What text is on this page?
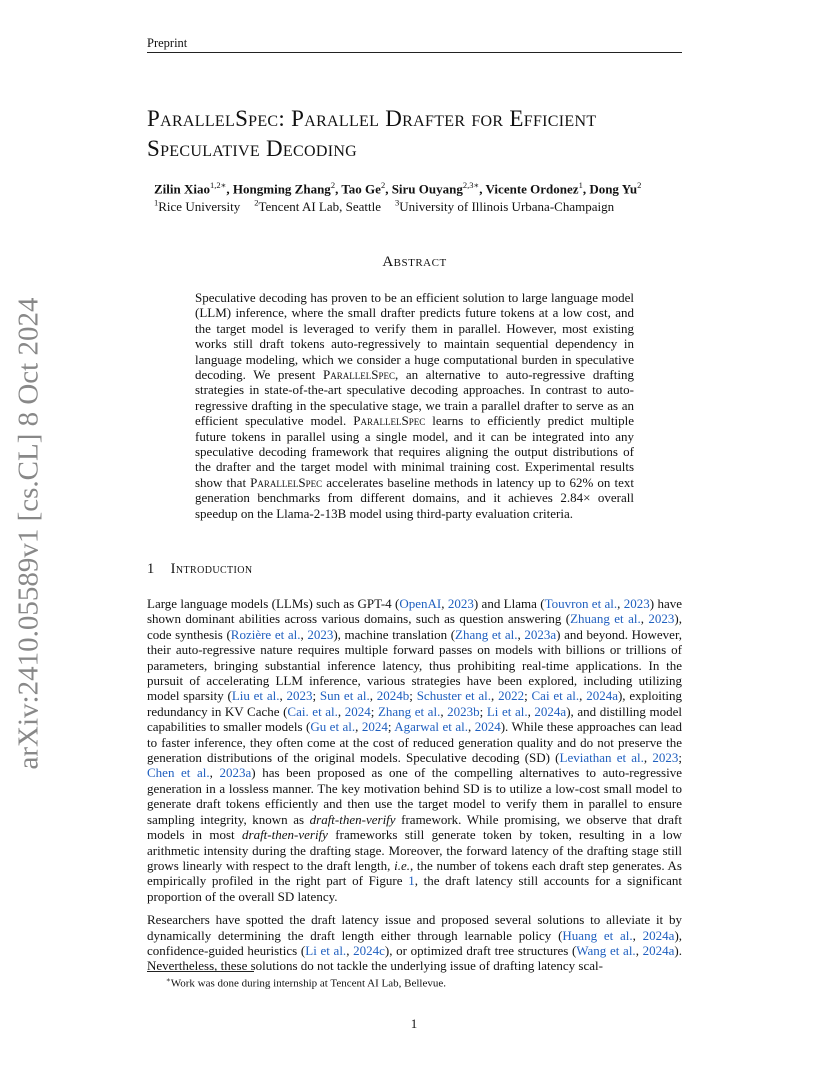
Preprint
arXiv:2410.05589v1 [cs.CL] 8 Oct 2024
ParallelSpec: Parallel Drafter for Efficient
Speculative Decoding
Zilin Xiao$^{1,2∗}$, Hongming Zhang$^2$, Tao Ge$^2$, Siru Ouyang$^{2,3∗}$, Vicente Ordonez$^1$, Dong Yu$^2$
$^1$Rice University $^2$Tencent AI Lab, Seattle $^3$University of Illinois Urbana-Champaign
Abstract
Speculative decoding has proven to be an efficient solution to large language model (LLM) inference, where the small drafter predicts future tokens at a low cost, and the target model is leveraged to verify them in parallel. However, most existing works still draft tokens auto-regressively to maintain sequential dependency in language modeling, which we consider a huge computational burden in speculative decoding. We present ParallelSpec, an alternative to auto-regressive drafting strategies in state-of-the-art speculative decoding approaches. In contrast to auto-regressive drafting in the speculative stage, we train a parallel drafter to serve as an efficient speculative model. ParallelSpec learns to efficiently predict multiple future tokens in parallel using a single model, and it can be integrated into any speculative decoding framework that requires aligning the output distributions of the drafter and the target model with minimal training cost. Experimental results show that ParallelSpec accelerates baseline methods in latency up to 62% on text generation benchmarks from different domains, and it achieves 2.84× overall speedup on the Llama-2-13B model using third-party evaluation criteria.
1 Introduction

Large language models (LLMs) such as GPT-4 (OpenAI, 2023) and Llama (Touvron et al., 2023) have shown dominant abilities across various domains, such as question answering (Zhuang et al., 2023), code synthesis (Rozière et al., 2023), machine translation (Zhang et al., 2023a) and beyond. However, their auto-regressive nature requires multiple forward passes on models with billions or trillions of parameters, bringing substantial inference latency, thus prohibiting real-time applications. In the pursuit of accelerating LLM inference, various strategies have been explored, including utilizing model sparsity (Liu et al., 2023; Sun et al., 2024b; Schuster et al., 2022; Cai et al., 2024a), exploiting redundancy in KV Cache (Cai. et al., 2024; Zhang et al., 2023b; Li et al., 2024a), and distilling model capabilities to smaller models (Gu et al., 2024; Agarwal et al., 2024). While these approaches can lead to faster inference, they often come at the cost of reduced generation quality and do not preserve the generation distributions of the original models. Speculative decoding (SD) (Leviathan et al., 2023; Chen et al., 2023a) has been proposed as one of the compelling alternatives to auto-regressive generation in a lossless manner. The key motivation behind SD is to utilize a low-cost small model to generate draft tokens efficiently and then use the target model to verify them in parallel to ensure sampling integrity, known as draft-then-verify framework. While promising, we observe that draft models in most draft-then-verify frameworks still generate token by token, resulting in a low arithmetic intensity during the drafting stage. Moreover, the forward latency of the drafting stage still grows linearly with respect to the draft length, i.e., the number of tokens each draft step generates. As empirically profiled in the right part of Figure 1, the draft latency still accounts for a significant proportion of the overall SD latency.

Researchers have spotted the draft latency issue and proposed several solutions to alleviate it by dynamically determining the draft length either through learnable policy (Huang et al., 2024a), confidence-guided heuristics (Li et al., 2024c), or optimized draft tree structures (Wang et al., 2024a). Nevertheless, these solutions do not tackle the underlying issue of drafting latency scal-

∗Work was done during internship at Tencent AI Lab, Bellevue.
1
